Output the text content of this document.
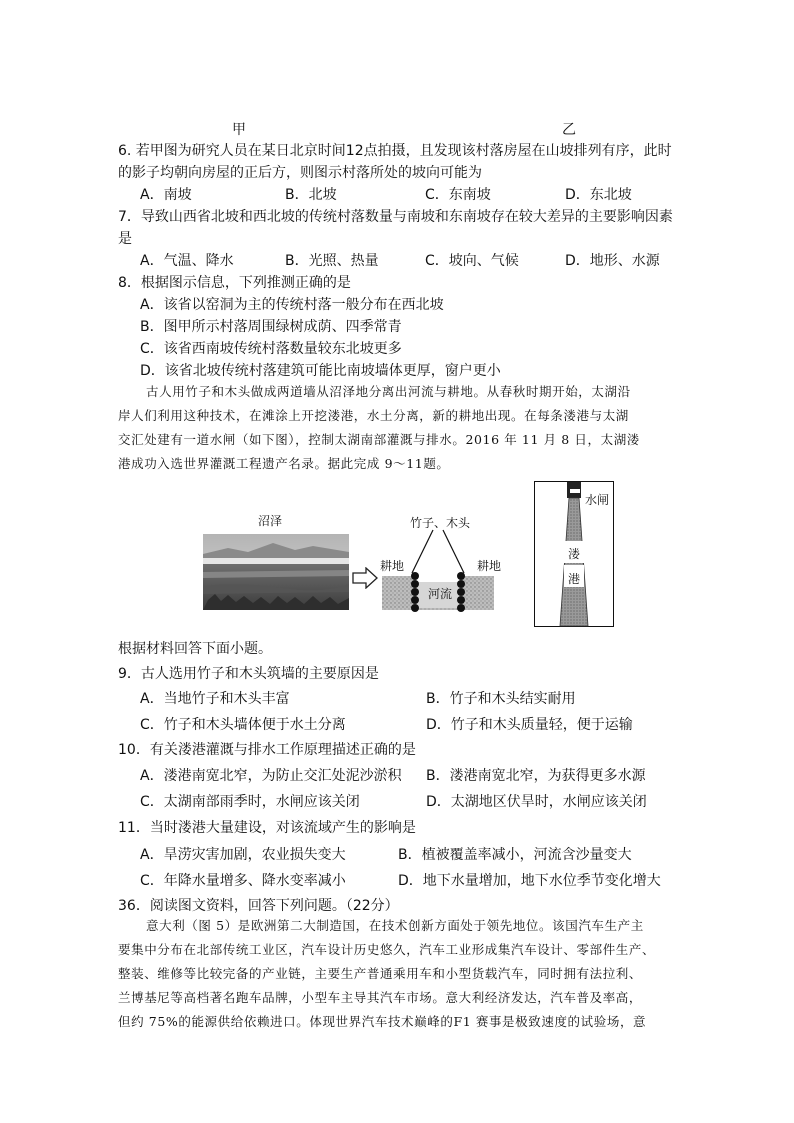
甲	乙
6. 若甲图为研究人员在某日北京时间12点拍摄，且发现该村落房屋在山坡排列有序，此时
的影子均朝向房屋的正后方，则图示村落所处的坡向可能为
A．南坡	B．北坡	C．东南坡	D．东北坡
7．导致山西省北坡和西北坡的传统村落数量与南坡和东南坡存在较大差异的主要影响因素
是
A．气温、降水	B．光照、热量	C．坡向、气候	D．地形、水源
8．根据图示信息，下列推测正确的是
A．该省以窑洞为主的传统村落一般分布在西北坡
B．图甲所示村落周围绿树成荫、四季常青
C．该省西南坡传统村落数量较东北坡更多
D．该省北坡传统村落建筑可能比南坡墙体更厚，窗户更小
古人用竹子和木头做成两道墙从沼泽地分离出河流与耕地。从春秋时期开始，太湖沿
岸人们利用这种技术，在滩涂上开挖溇港，水土分离，新的耕地出现。在每条溇港与太湖
交汇处建有一道水闸（如下图），控制太湖南部灌溉与排水。2016 年 11 月 8 日，太湖溇
港成功入选世界灌溉工程遗产名录。据此完成 9～11题。
沼泽	竹子、木头
耕地	耕地
河流
水闸
溇
港
根据材料回答下面小题。
9．古人选用竹子和木头筑墙的主要原因是
A．当地竹子和木头丰富	B．竹子和木头结实耐用
C．竹子和木头墙体便于水土分离	D．竹子和木头质量轻，便于运输
10．有关溇港灌溉与排水工作原理描述正确的是
A．溇港南宽北窄，为防止交汇处泥沙淤积 B．溇港南宽北窄，为获得更多水源
C．太湖南部雨季时，水闸应该关闭	D．太湖地区伏旱时，水闸应该关闭
11．当时溇港大量建设，对该流域产生的影响是
A．旱涝灾害加剧，农业损失变大	B．植被覆盖率减小，河流含沙量变大
C．年降水量增多、降水变率减小	D．地下水量增加，地下水位季节变化增大
36．阅读图文资料，回答下列问题。（22分）
意大利（图 5）是欧洲第二大制造国，在技术创新方面处于领先地位。该国汽车生产主
要集中分布在北部传统工业区，汽车设计历史悠久，汽车工业形成集汽车设计、零部件生产、
整装、维修等比较完备的产业链，主要生产普通乘用车和小型货载汽车，同时拥有法拉利、
兰博基尼等高档著名跑车品牌，小型车主导其汽车市场。意大利经济发达，汽车普及率高，
但约 75%的能源供给依赖进口。体现世界汽车技术巅峰的F1 赛事是极致速度的试验场，意
